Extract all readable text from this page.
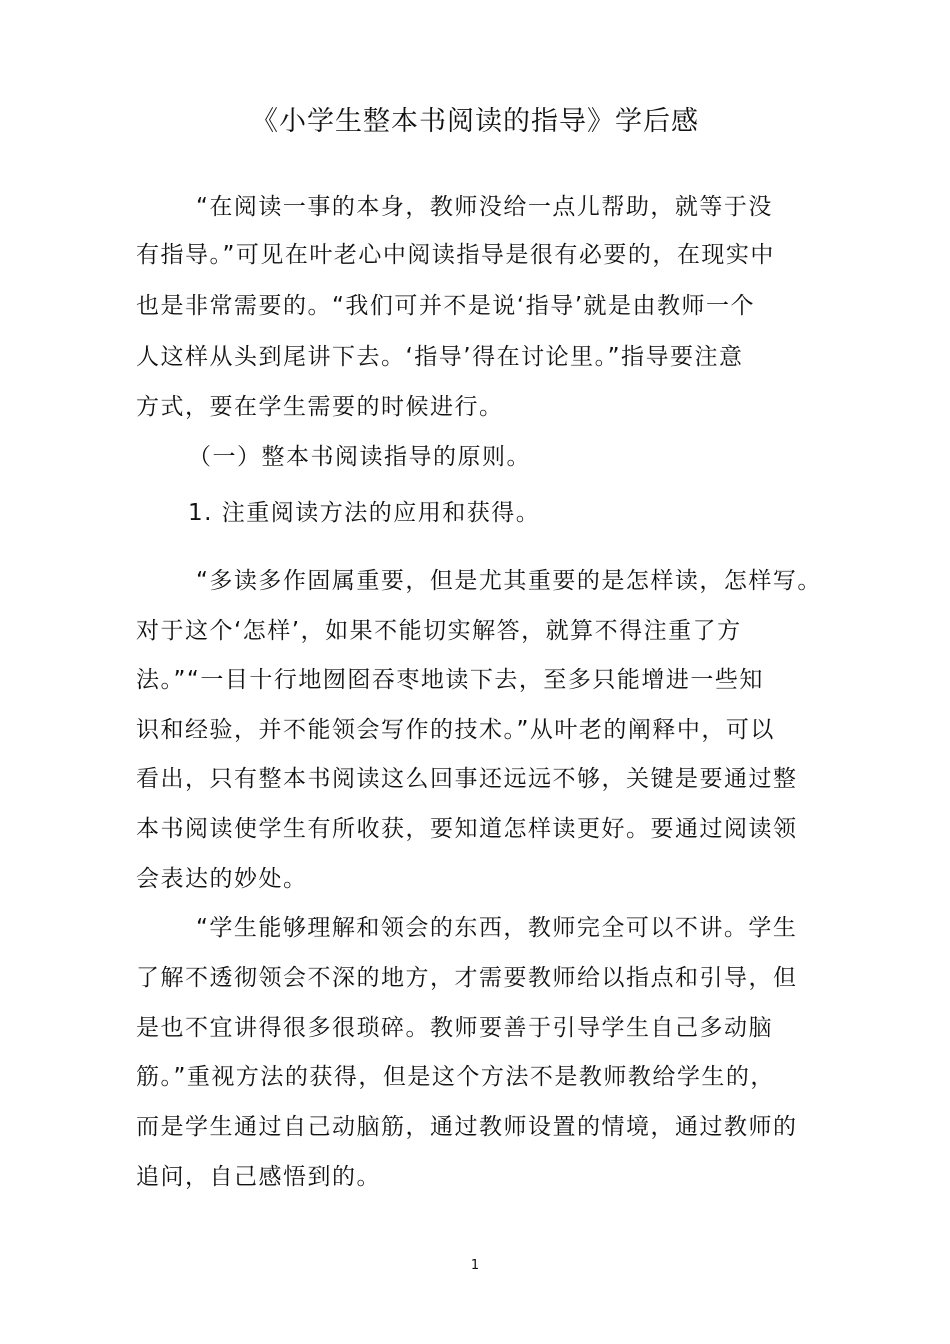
《小学生整本书阅读的指导》学后感
“在阅读一事的本身，教师没给一点儿帮助，就等于没
有指导。”可见在叶老心中阅读指导是很有必要的，在现实中
也是非常需要的。“我们可并不是说‘指导’就是由教师一个
人这样从头到尾讲下去。‘指导’得在讨论里。”指导要注意
方式，要在学生需要的时候进行。
（一）整本书阅读指导的原则。
1. 注重阅读方法的应用和获得。
“多读多作固属重要，但是尤其重要的是怎样读，怎样写。
对于这个‘怎样’，如果不能切实解答，就算不得注重了方
法。”“一目十行地囫囵吞枣地读下去，至多只能增进一些知
识和经验，并不能领会写作的技术。”从叶老的阐释中，可以
看出，只有整本书阅读这么回事还远远不够，关键是要通过整
本书阅读使学生有所收获，要知道怎样读更好。要通过阅读领
会表达的妙处。
“学生能够理解和领会的东西，教师完全可以不讲。学生
了解不透彻领会不深的地方，才需要教师给以指点和引导，但
是也不宜讲得很多很琐碎。教师要善于引导学生自己多动脑
筋。”重视方法的获得，但是这个方法不是教师教给学生的，
而是学生通过自己动脑筋，通过教师设置的情境，通过教师的
追问，自己感悟到的。
1
